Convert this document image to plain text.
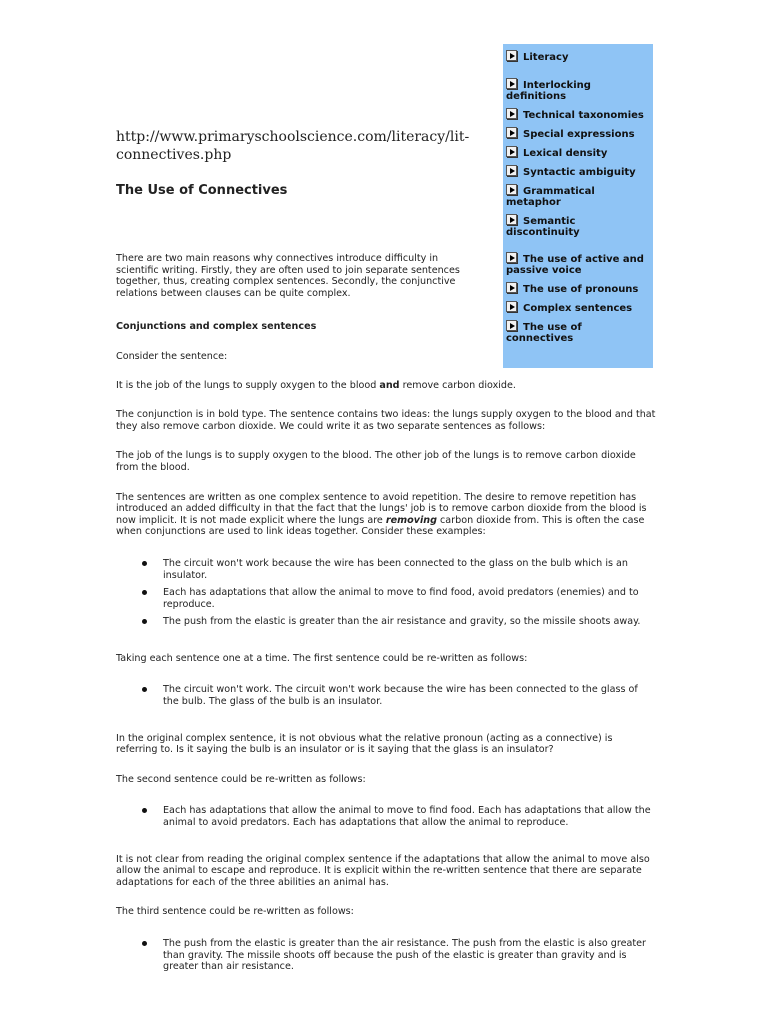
Literacy
Interlocking definitions
Technical taxonomies
Special expressions
Lexical density
Syntactic ambiguity
Grammatical metaphor
Semantic discontinuity
The use of active and passive voice
The use of pronouns
Complex sentences
The use of connectives
http://www.primaryschoolscience.com/literacy/lit-connectives.php
The Use of Connectives

There are two main reasons why connectives introduce difficulty in scientific writing. Firstly, they are often used to join separate sentences together, thus, creating complex sentences. Secondly, the conjunctive relations between clauses can be quite complex.

Conjunctions and complex sentences

Consider the sentence:

It is the job of the lungs to supply oxygen to the blood and remove carbon dioxide.

The conjunction is in bold type. The sentence contains two ideas: the lungs supply oxygen to the blood and that they also remove carbon dioxide. We could write it as two separate sentences as follows:

The job of the lungs is to supply oxygen to the blood. The other job of the lungs is to remove carbon dioxide from the blood.

The sentences are written as one complex sentence to avoid repetition. The desire to remove repetition has introduced an added difficulty in that the fact that the lungs' job is to remove carbon dioxide from the blood is now implicit. It is not made explicit where the lungs are removing carbon dioxide from. This is often the case when conjunctions are used to link ideas together. Consider these examples:

The circuit won't work because the wire has been connected to the glass on the bulb which is an insulator.
Each has adaptations that allow the animal to move to find food, avoid predators (enemies) and to reproduce.
The push from the elastic is greater than the air resistance and gravity, so the missile shoots away.

Taking each sentence one at a time. The first sentence could be re-written as follows:

The circuit won't work. The circuit won't work because the wire has been connected to the glass of the bulb. The glass of the bulb is an insulator.

In the original complex sentence, it is not obvious what the relative pronoun (acting as a connective) is referring to. Is it saying the bulb is an insulator or is it saying that the glass is an insulator?

The second sentence could be re-written as follows:

Each has adaptations that allow the animal to move to find food. Each has adaptations that allow the animal to avoid predators. Each has adaptations that allow the animal to reproduce.

It is not clear from reading the original complex sentence if the adaptations that allow the animal to move also allow the animal to escape and reproduce. It is explicit within the re-written sentence that there are separate adaptations for each of the three abilities an animal has.

The third sentence could be re-written as follows:

The push from the elastic is greater than the air resistance. The push from the elastic is also greater than gravity. The missile shoots off because the push of the elastic is greater than gravity and is greater than air resistance.
